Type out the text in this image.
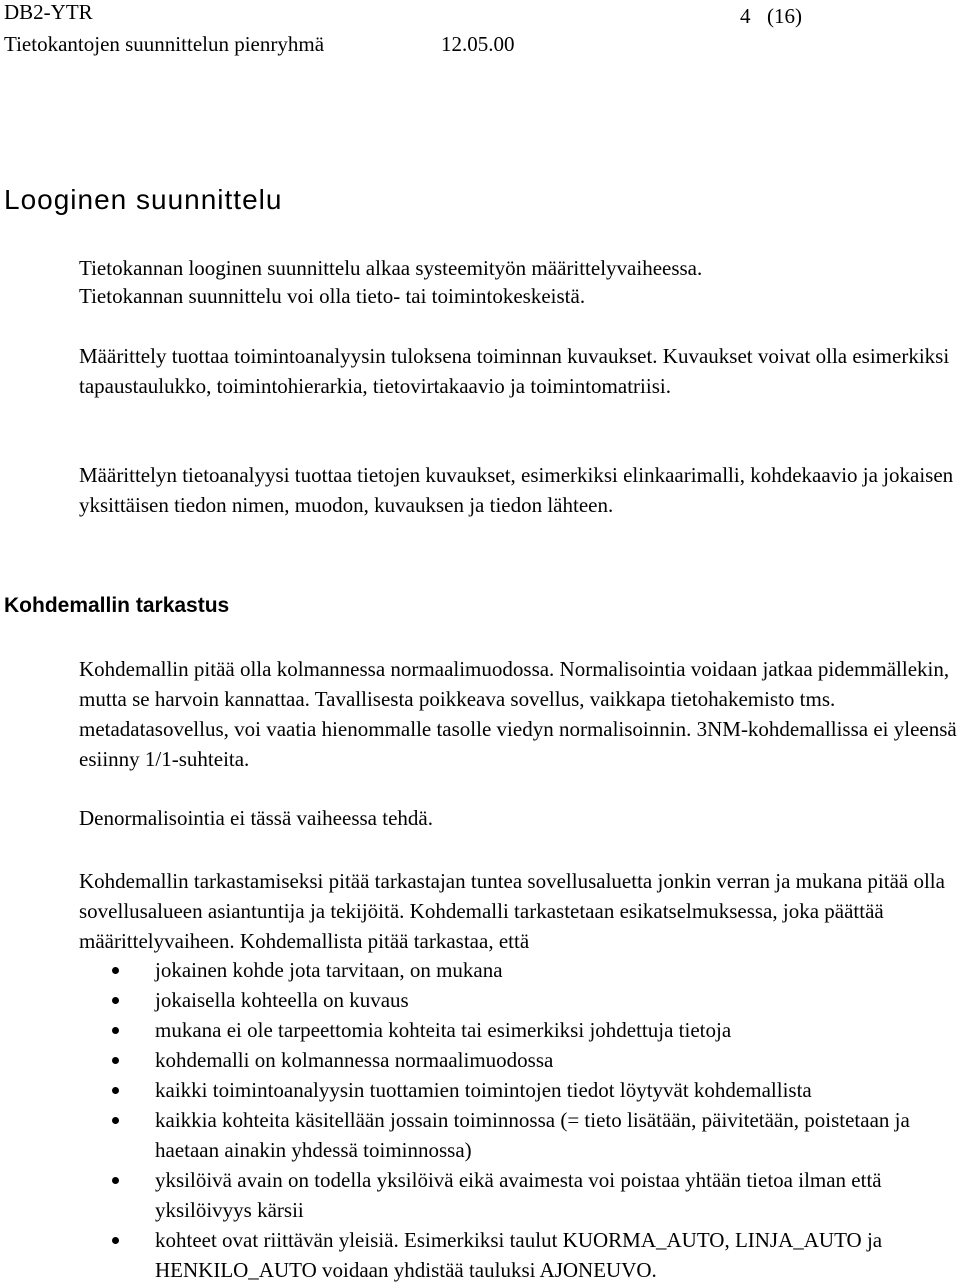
DB2-YTR	4 (16)
Tietokantojen suunnittelun pienryhmä	12.05.00
Looginen suunnittelu

Tietokannan looginen suunnittelu alkaa systeemityön määrittelyvaiheessa.

Tietokannan suunnittelu voi olla tieto- tai toimintokeskeistä.

Määrittely tuottaa toimintoanalyysin tuloksena toiminnan kuvaukset. Kuvaukset voivat olla esimerkiksi tapaustaulukko, toimintohierarkia, tietovirtakaavio ja toimintomatriisi.

Määrittelyn tietoanalyysi tuottaa tietojen kuvaukset, esimerkiksi elinkaarimalli, kohdekaavio ja jokaisen yksittäisen tiedon nimen, muodon, kuvauksen ja tiedon lähteen.

Kohdemallin tarkastus

Kohdemallin pitää olla kolmannessa normaalimuodossa. Normalisointia voidaan jatkaa pidemmällekin, mutta se harvoin kannattaa. Tavallisesta poikkeava sovellus, vaikkapa tietohakemisto tms. metadatasovellus, voi vaatia hienommalle tasolle viedyn normalisoinnin. 3NM-kohdemallissa ei yleensä esiinny 1/1-suhteita.

Denormalisointia ei tässä vaiheessa tehdä.

Kohdemallin tarkastamiseksi pitää tarkastajan tuntea sovellusaluetta jonkin verran ja mukana pitää olla sovellusalueen asiantuntija ja tekijöitä. Kohdemalli tarkastetaan esikatselmuksessa, joka päättää määrittelyvaiheen. Kohdemallista pitää tarkastaa, että

jokainen kohde jota tarvitaan, on mukana
jokaisella kohteella on kuvaus
mukana ei ole tarpeettomia kohteita tai esimerkiksi johdettuja tietoja
kohdemalli on kolmannessa normaalimuodossa
kaikki toimintoanalyysin tuottamien toimintojen tiedot löytyvät kohdemallista
kaikkia kohteita käsitellään jossain toiminnossa (= tieto lisätään, päivitetään, poistetaan ja haetaan ainakin yhdessä toiminnossa)
yksilöivä avain on todella yksilöivä eikä avaimesta voi poistaa yhtään tietoa ilman että yksilöivyys kärsii
kohteet ovat riittävän yleisiä. Esimerkiksi taulut KUORMA_AUTO, LINJA_AUTO ja HENKILO_AUTO voidaan yhdistää tauluksi AJONEUVO.
